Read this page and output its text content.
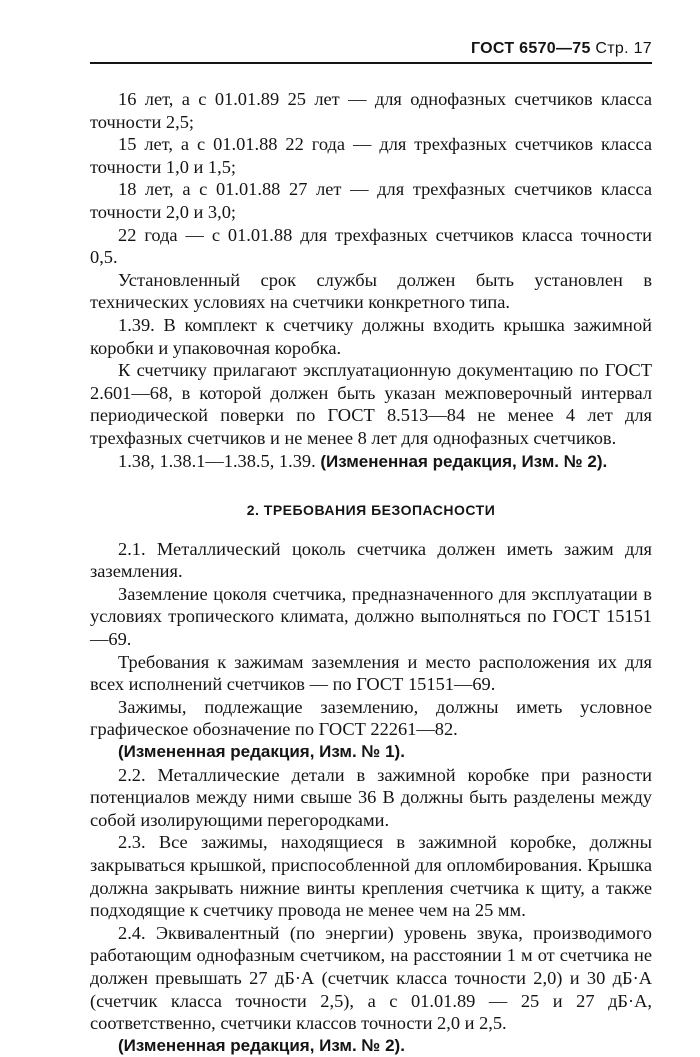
ГОСТ 6570—75 Стр. 17

16 лет, а с 01.01.89 25 лет — для однофазных счетчиков класса точности 2,5;

15 лет, а с 01.01.88 22 года — для трехфазных счетчиков класса точности 1,0 и 1,5;

18 лет, а с 01.01.88 27 лет — для трехфазных счетчиков класса точности 2,0 и 3,0;

22 года — с 01.01.88 для трехфазных счетчиков класса точности 0,5.

Установленный срок службы должен быть установлен в технических условиях на счетчики конкретного типа.

1.39. В комплект к счетчику должны входить крышка зажимной коробки и упаковочная коробка.

К счетчику прилагают эксплуатационную документацию по ГОСТ 2.601—68, в которой должен быть указан межповерочный интервал периодической поверки по ГОСТ 8.513—84 не менее 4 лет для трехфазных счетчиков и не менее 8 лет для однофазных счетчиков.

1.38, 1.38.1—1.38.5, 1.39. (Измененная редакция, Изм. № 2).

2. ТРЕБОВАНИЯ БЕЗОПАСНОСТИ

2.1. Металлический цоколь счетчика должен иметь зажим для заземления.

Заземление цоколя счетчика, предназначенного для эксплуатации в условиях тропического климата, должно выполняться по ГОСТ 15151—69.

Требования к зажимам заземления и место расположения их для всех исполнений счетчиков — по ГОСТ 15151—69.

Зажимы, подлежащие заземлению, должны иметь условное графическое обозначение по ГОСТ 22261—82.

(Измененная редакция, Изм. № 1).

2.2. Металлические детали в зажимной коробке при разности потенциалов между ними свыше 36 В должны быть разделены между собой изолирующими перегородками.

2.3. Все зажимы, находящиеся в зажимной коробке, должны закрываться крышкой, приспособленной для опломбирования. Крышка должна закрывать нижние винты крепления счетчика к щиту, а также подходящие к счетчику провода не менее чем на 25 мм.

2.4. Эквивалентный (по энергии) уровень звука, производимого работающим однофазным счетчиком, на расстоянии 1 м от счетчика не должен превышать 27 дБ·А (счетчик класса точности 2,0) и 30 дБ·А (счетчик класса точности 2,5), а с 01.01.89 — 25 и 27 дБ·А, соответственно, счетчики классов точности 2,0 и 2,5.

(Измененная редакция, Изм. № 2).
